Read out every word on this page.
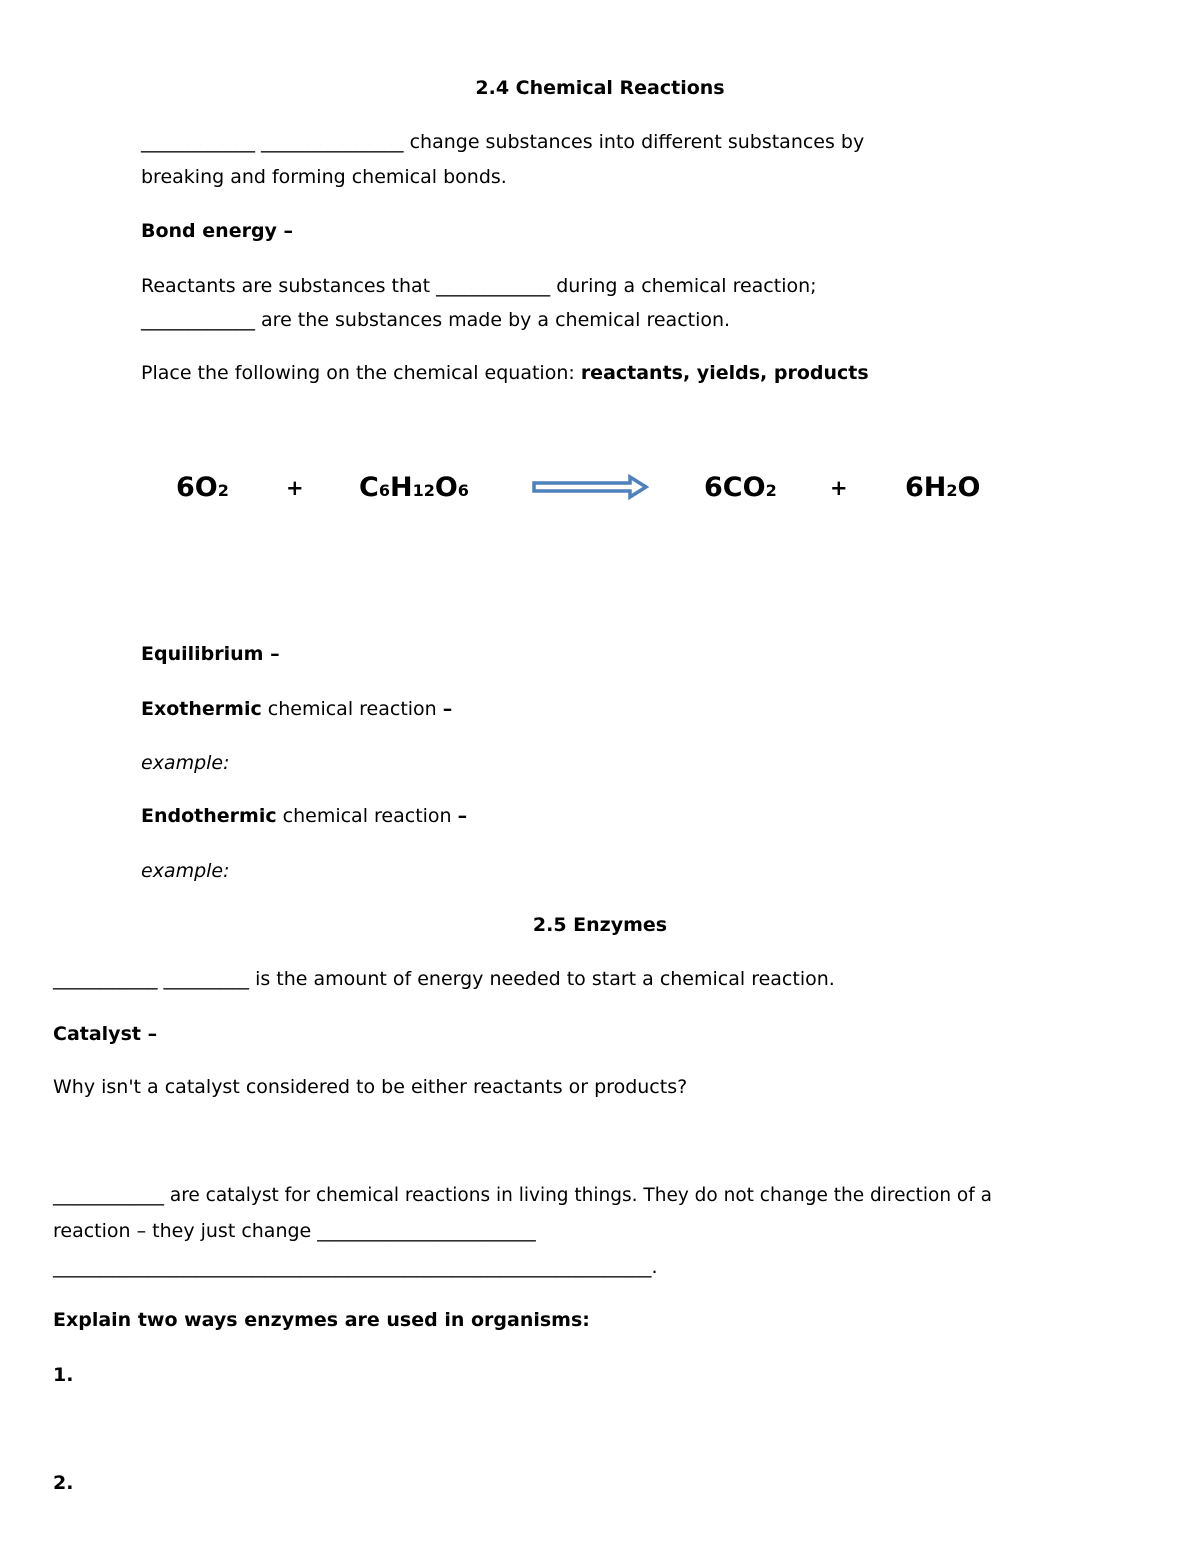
2.4 Chemical Reactions
____________ _______________ change substances into different substances by
breaking and forming chemical bonds.
Bond energy –
Reactants are substances that ____________ during a chemical reaction;
____________ are the substances made by a chemical reaction.
Place the following on the chemical equation: reactants, yields, products
6O2	+ C6H12O6	6CO2	+ 6H2O
Equilibrium –
Exothermic chemical reaction –
example:
Endothermic chemical reaction –
example:
2.5 Enzymes
___________ _________ is the amount of energy needed to start a chemical reaction.
Catalyst –
Why isn't a catalyst considered to be either reactants or products?
____________ are catalyst for chemical reactions in living things. They do not change the direction of a
reaction – they just change _______________________
_______________________________________________________________.
Explain two ways enzymes are used in organisms:
1.
2.
